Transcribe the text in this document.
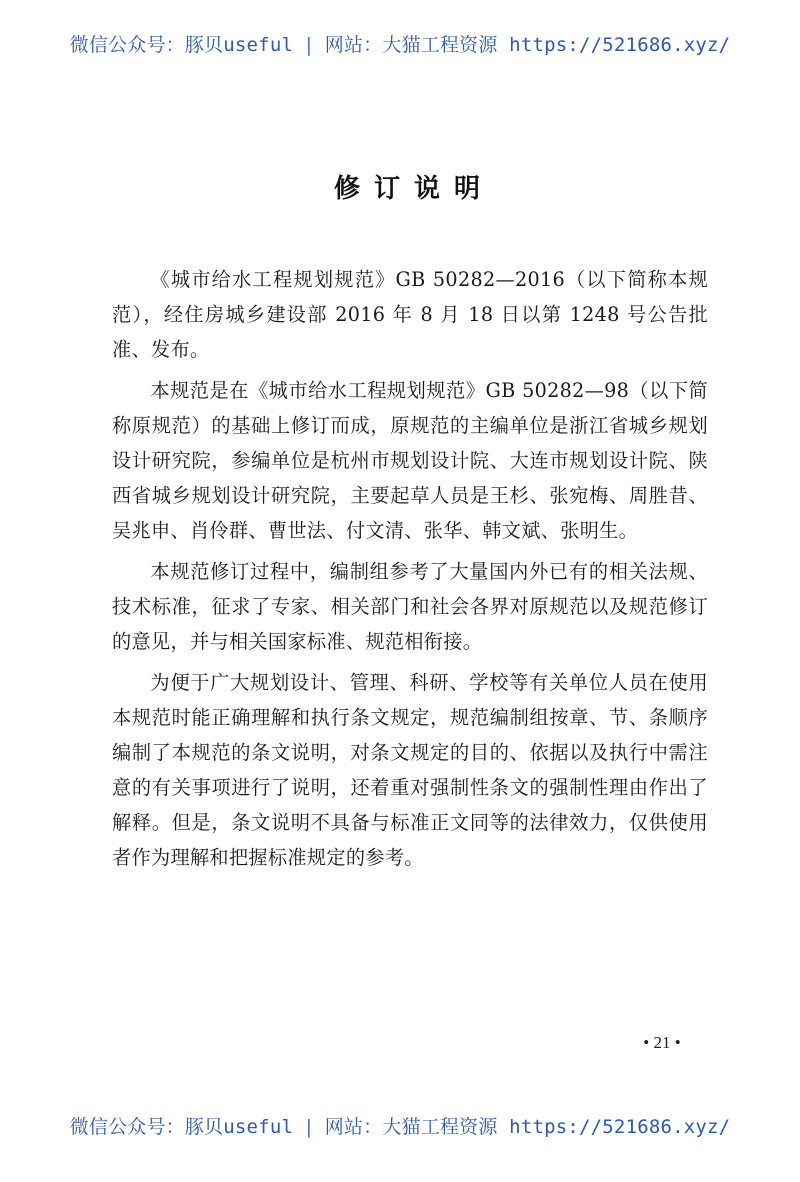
微信公众号：豚贝useful | 网站：大猫工程资源 https://521686.xyz/
修订说明

《城市给水工程规划规范》GB 50282—2016（以下简称本规范），经住房城乡建设部 2016 年 8 月 18 日以第 1248 号公告批准、发布。

本规范是在《城市给水工程规划规范》GB 50282—98（以下简称原规范）的基础上修订而成，原规范的主编单位是浙江省城乡规划设计研究院，参编单位是杭州市规划设计院、大连市规划设计院、陕西省城乡规划设计研究院，主要起草人员是王杉、张宛梅、周胜昔、吴兆申、肖伶群、曹世法、付文清、张华、韩文斌、张明生。

本规范修订过程中，编制组参考了大量国内外已有的相关法规、技术标准，征求了专家、相关部门和社会各界对原规范以及规范修订的意见，并与相关国家标准、规范相衔接。

为便于广大规划设计、管理、科研、学校等有关单位人员在使用本规范时能正确理解和执行条文规定，规范编制组按章、节、条顺序编制了本规范的条文说明，对条文规定的目的、依据以及执行中需注意的有关事项进行了说明，还着重对强制性条文的强制性理由作出了解释。但是，条文说明不具备与标准正文同等的法律效力，仅供使用者作为理解和把握标准规定的参考。

• 21 •
微信公众号：豚贝useful | 网站：大猫工程资源 https://521686.xyz/
